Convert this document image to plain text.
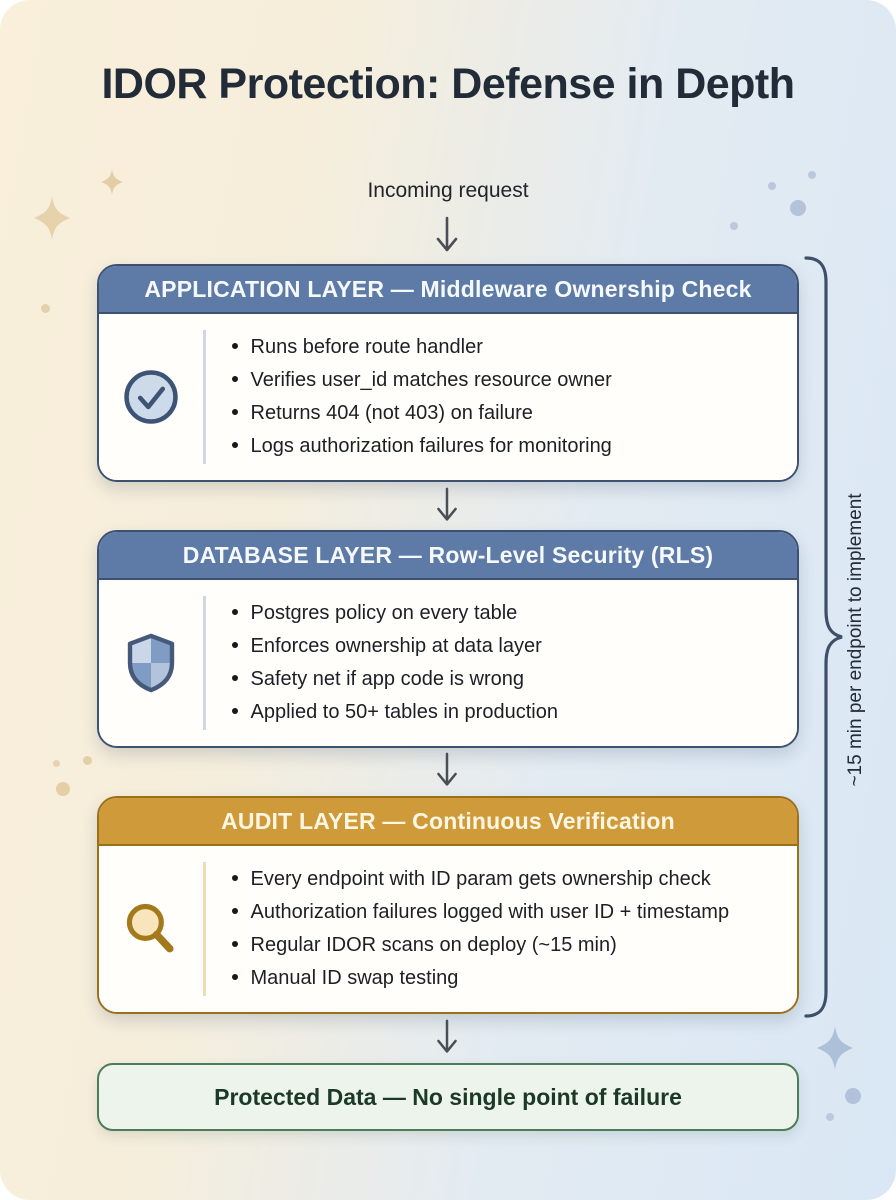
IDOR Protection: Defense in Depth
Incoming request
APPLICATION LAYER — Middleware Ownership Check
Runs before route handler
Verifies user_id matches resource owner
Returns 404 (not 403) on failure
Logs authorization failures for monitoring
DATABASE LAYER — Row-Level Security (RLS)
Postgres policy on every table
Enforces ownership at data layer
Safety net if app code is wrong
Applied to 50+ tables in production
AUDIT LAYER — Continuous Verification
Every endpoint with ID param gets ownership check
Authorization failures logged with user ID + timestamp
Regular IDOR scans on deploy (~15 min)
Manual ID swap testing
Protected Data — No single point of failure
~15 min per endpoint to implement
